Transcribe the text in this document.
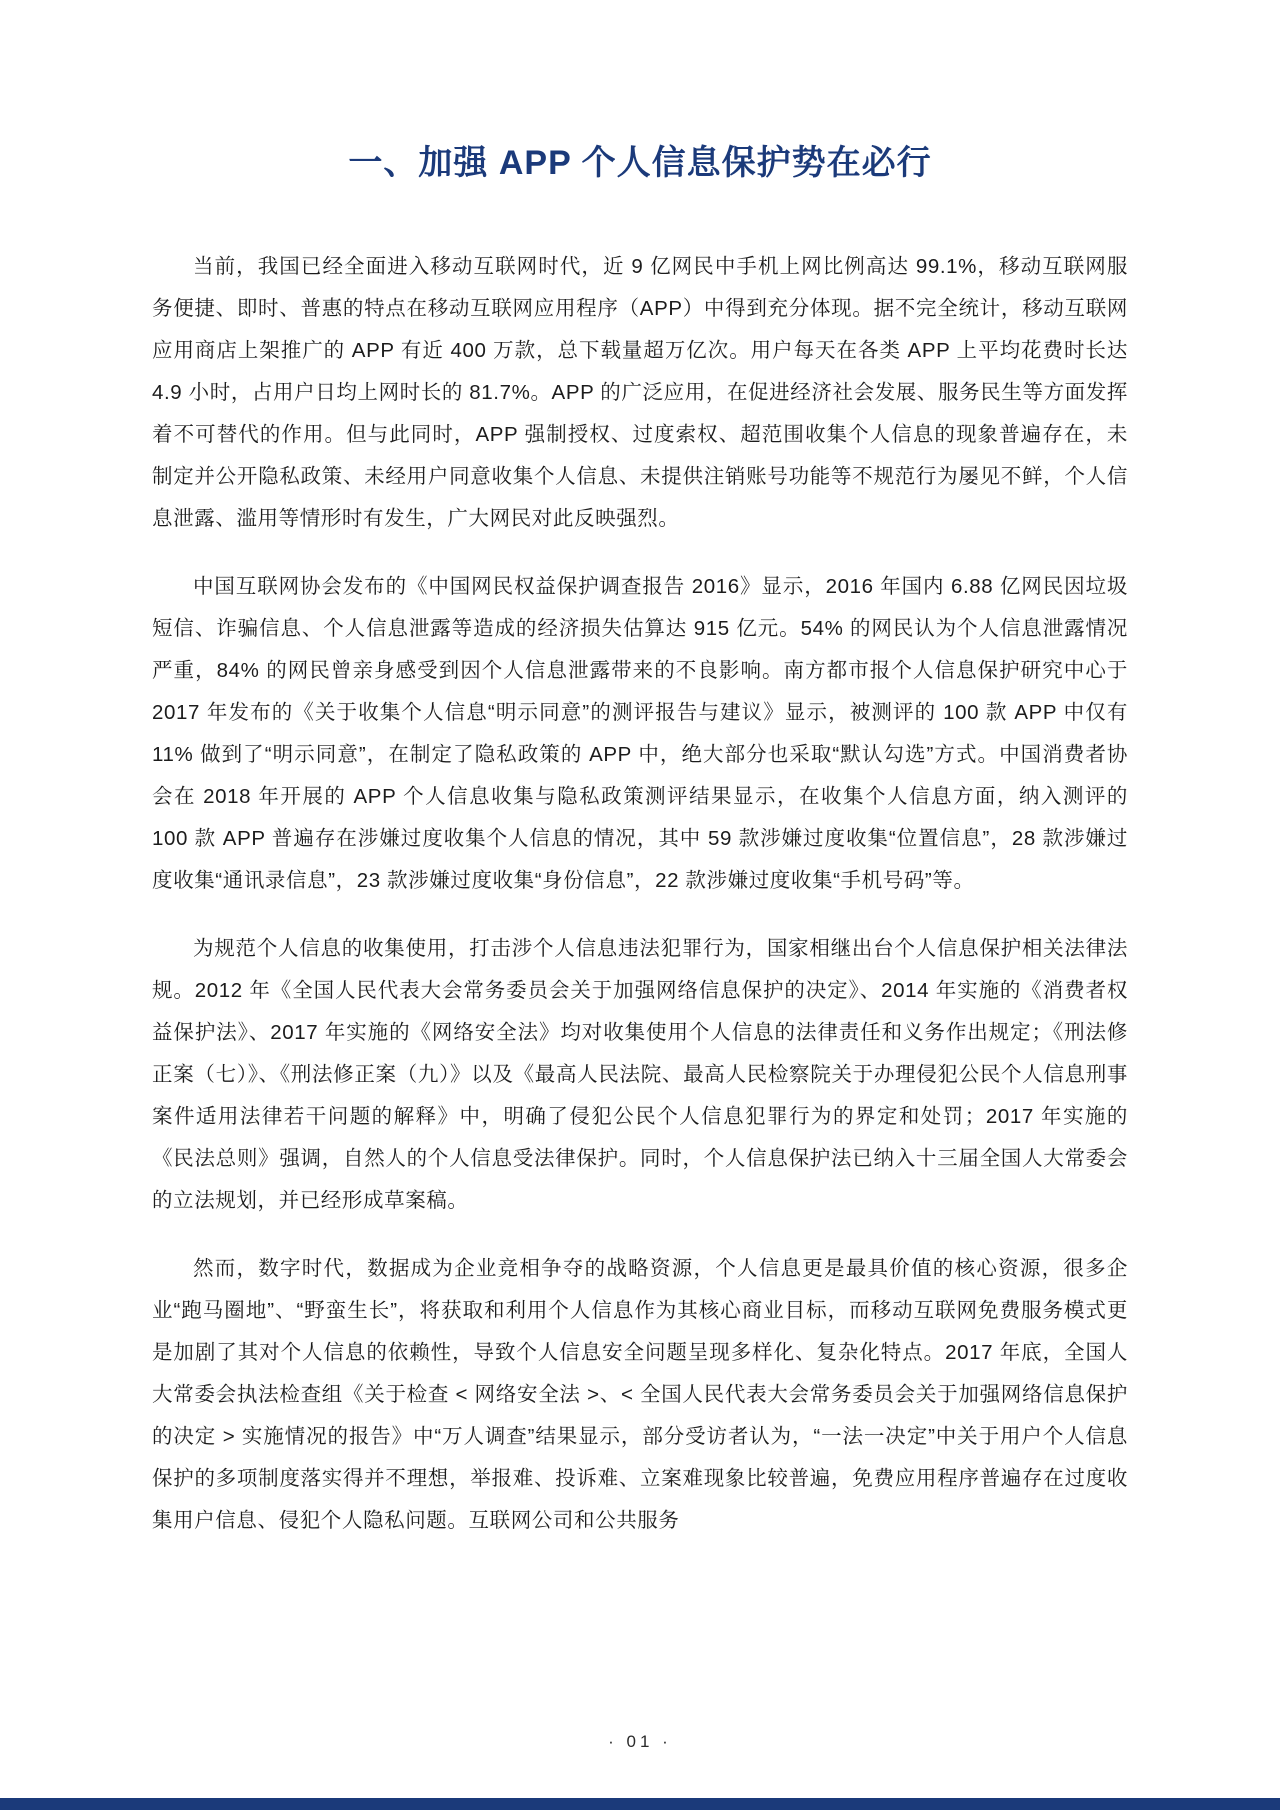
一、加强 APP 个人信息保护势在必行

当前，我国已经全面进入移动互联网时代，近 9 亿网民中手机上网比例高达 99.1%，移动互联网服务便捷、即时、普惠的特点在移动互联网应用程序（APP）中得到充分体现。据不完全统计，移动互联网应用商店上架推广的 APP 有近 400 万款，总下载量超万亿次。用户每天在各类 APP 上平均花费时长达 4.9 小时，占用户日均上网时长的 81.7%。APP 的广泛应用，在促进经济社会发展、服务民生等方面发挥着不可替代的作用。但与此同时，APP 强制授权、过度索权、超范围收集个人信息的现象普遍存在，未制定并公开隐私政策、未经用户同意收集个人信息、未提供注销账号功能等不规范行为屡见不鲜，个人信息泄露、滥用等情形时有发生，广大网民对此反映强烈。

中国互联网协会发布的《中国网民权益保护调查报告 2016》显示，2016 年国内 6.88 亿网民因垃圾短信、诈骗信息、个人信息泄露等造成的经济损失估算达 915 亿元。54% 的网民认为个人信息泄露情况严重，84% 的网民曾亲身感受到因个人信息泄露带来的不良影响。南方都市报个人信息保护研究中心于 2017 年发布的《关于收集个人信息“明示同意”的测评报告与建议》显示，被测评的 100 款 APP 中仅有 11% 做到了“明示同意”，在制定了隐私政策的 APP 中，绝大部分也采取“默认勾选”方式。中国消费者协会在 2018 年开展的 APP 个人信息收集与隐私政策测评结果显示，在收集个人信息方面，纳入测评的 100 款 APP 普遍存在涉嫌过度收集个人信息的情况，其中 59 款涉嫌过度收集“位置信息”，28 款涉嫌过度收集“通讯录信息”，23 款涉嫌过度收集“身份信息”，22 款涉嫌过度收集“手机号码”等。

为规范个人信息的收集使用，打击涉个人信息违法犯罪行为，国家相继出台个人信息保护相关法律法规。2012 年《全国人民代表大会常务委员会关于加强网络信息保护的决定》、2014 年实施的《消费者权益保护法》、2017 年实施的《网络安全法》均对收集使用个人信息的法律责任和义务作出规定；《刑法修正案（七）》、《刑法修正案（九）》以及《最高人民法院、最高人民检察院关于办理侵犯公民个人信息刑事案件适用法律若干问题的解释》中，明确了侵犯公民个人信息犯罪行为的界定和处罚；2017 年实施的《民法总则》强调，自然人的个人信息受法律保护。同时，个人信息保护法已纳入十三届全国人大常委会的立法规划，并已经形成草案稿。

然而，数字时代，数据成为企业竞相争夺的战略资源，个人信息更是最具价值的核心资源，很多企业“跑马圈地”、“野蛮生长”，将获取和利用个人信息作为其核心商业目标，而移动互联网免费服务模式更是加剧了其对个人信息的依赖性，导致个人信息安全问题呈现多样化、复杂化特点。2017 年底，全国人大常委会执法检查组《关于检查 < 网络安全法 >、< 全国人民代表大会常务委员会关于加强网络信息保护的决定 > 实施情况的报告》中“万人调查”结果显示，部分受访者认为，“一法一决定”中关于用户个人信息保护的多项制度落实得并不理想，举报难、投诉难、立案难现象比较普遍，免费应用程序普遍存在过度收集用户信息、侵犯个人隐私问题。互联网公司和公共服务

· 01 ·
